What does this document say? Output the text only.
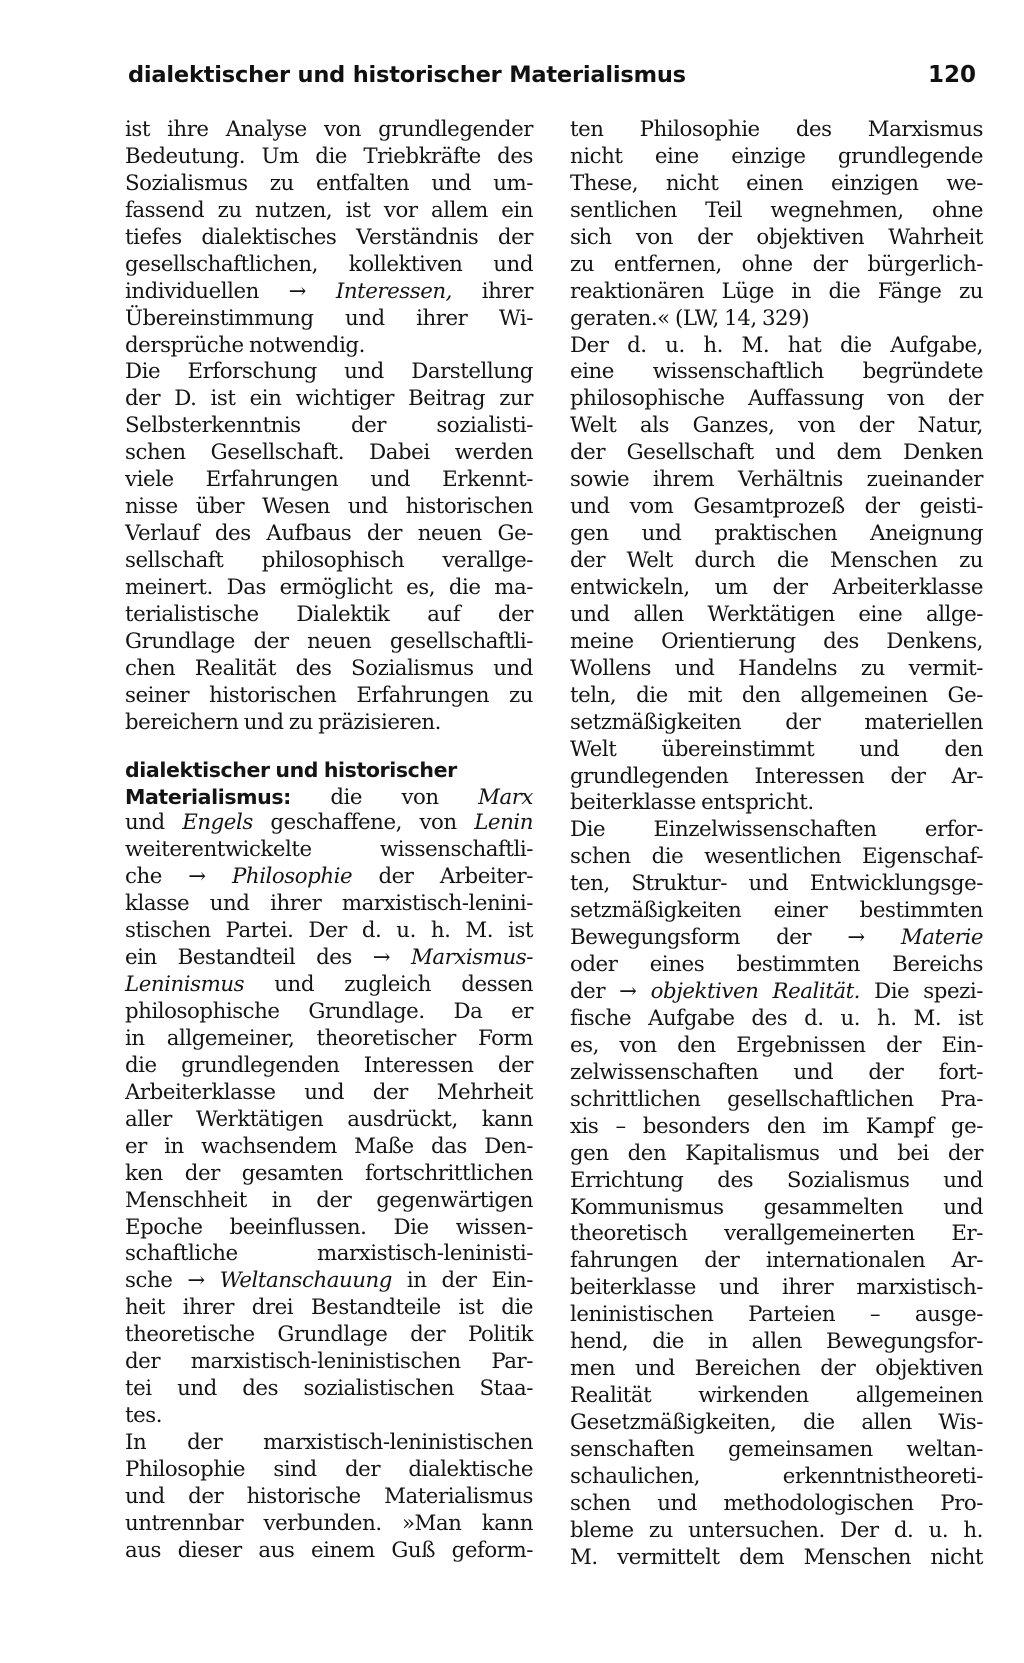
dialektischer und historischer Materialismus	120
ist ihre Analyse von grundlegender
Bedeutung. Um die Triebkräfte des
Sozialismus zu entfalten und um-
fassend zu nutzen, ist vor allem ein
tiefes dialektisches Verständnis der
gesellschaftlichen, kollektiven und
individuellen → Interessen, ihrer
Übereinstimmung und ihrer Wi-
dersprüche notwendig.
Die Erforschung und Darstellung
der D. ist ein wichtiger Beitrag zur
Selbsterkenntnis der sozialisti-
schen Gesellschaft. Dabei werden
viele Erfahrungen und Erkennt-
nisse über Wesen und historischen
Verlauf des Aufbaus der neuen Ge-
sellschaft philosophisch verallge-
meinert. Das ermöglicht es, die ma-
terialistische Dialektik auf der
Grundlage der neuen gesellschaftli-
chen Realität des Sozialismus und
seiner historischen Erfahrungen zu
bereichern und zu präzisieren.
dialektischer und historischer
Materialismus: die von Marx
und Engels geschaffene, von Lenin
weiterentwickelte wissenschaftli-
che → Philosophie der Arbeiter-
klasse und ihrer marxistisch-lenini-
stischen Partei. Der d. u. h. M. ist
ein Bestandteil des → Marxismus-
Leninismus und zugleich dessen
philosophische Grundlage. Da er
in allgemeiner, theoretischer Form
die grundlegenden Interessen der
Arbeiterklasse und der Mehrheit
aller Werktätigen ausdrückt, kann
er in wachsendem Maße das Den-
ken der gesamten fortschrittlichen
Menschheit in der gegenwärtigen
Epoche beeinflussen. Die wissen-
schaftliche marxistisch-leninisti-
sche → Weltanschauung in der Ein-
heit ihrer drei Bestandteile ist die
theoretische Grundlage der Politik
der marxistisch-leninistischen Par-
tei und des sozialistischen Staa-
tes.
In der marxistisch-leninistischen
Philosophie sind der dialektische
und der historische Materialismus
untrennbar verbunden. »Man kann
aus dieser aus einem Guß geform-
ten Philosophie des Marxismus
nicht eine einzige grundlegende
These, nicht einen einzigen we-
sentlichen Teil wegnehmen, ohne
sich von der objektiven Wahrheit
zu entfernen, ohne der bürgerlich-
reaktionären Lüge in die Fänge zu
geraten.« (LW, 14, 329)
Der d. u. h. M. hat die Aufgabe,
eine wissenschaftlich begründete
philosophische Auffassung von der
Welt als Ganzes, von der Natur,
der Gesellschaft und dem Denken
sowie ihrem Verhältnis zueinander
und vom Gesamtprozeß der geisti-
gen und praktischen Aneignung
der Welt durch die Menschen zu
entwickeln, um der Arbeiterklasse
und allen Werktätigen eine allge-
meine Orientierung des Denkens,
Wollens und Handelns zu vermit-
teln, die mit den allgemeinen Ge-
setzmäßigkeiten der materiellen
Welt übereinstimmt und den
grundlegenden Interessen der Ar-
beiterklasse entspricht.
Die Einzelwissenschaften erfor-
schen die wesentlichen Eigenschaf-
ten, Struktur- und Entwicklungsge-
setzmäßigkeiten einer bestimmten
Bewegungsform der → Materie
oder eines bestimmten Bereichs
der → objektiven Realität. Die spezi-
fische Aufgabe des d. u. h. M. ist
es, von den Ergebnissen der Ein-
zelwissenschaften und der fort-
schrittlichen gesellschaftlichen Pra-
xis – besonders den im Kampf ge-
gen den Kapitalismus und bei der
Errichtung des Sozialismus und
Kommunismus gesammelten und
theoretisch verallgemeinerten Er-
fahrungen der internationalen Ar-
beiterklasse und ihrer marxistisch-
leninistischen Parteien – ausge-
hend, die in allen Bewegungsfor-
men und Bereichen der objektiven
Realität wirkenden allgemeinen
Gesetzmäßigkeiten, die allen Wis-
senschaften gemeinsamen weltan-
schaulichen, erkenntnistheoreti-
schen und methodologischen Pro-
bleme zu untersuchen. Der d. u. h.
M. vermittelt dem Menschen nicht
